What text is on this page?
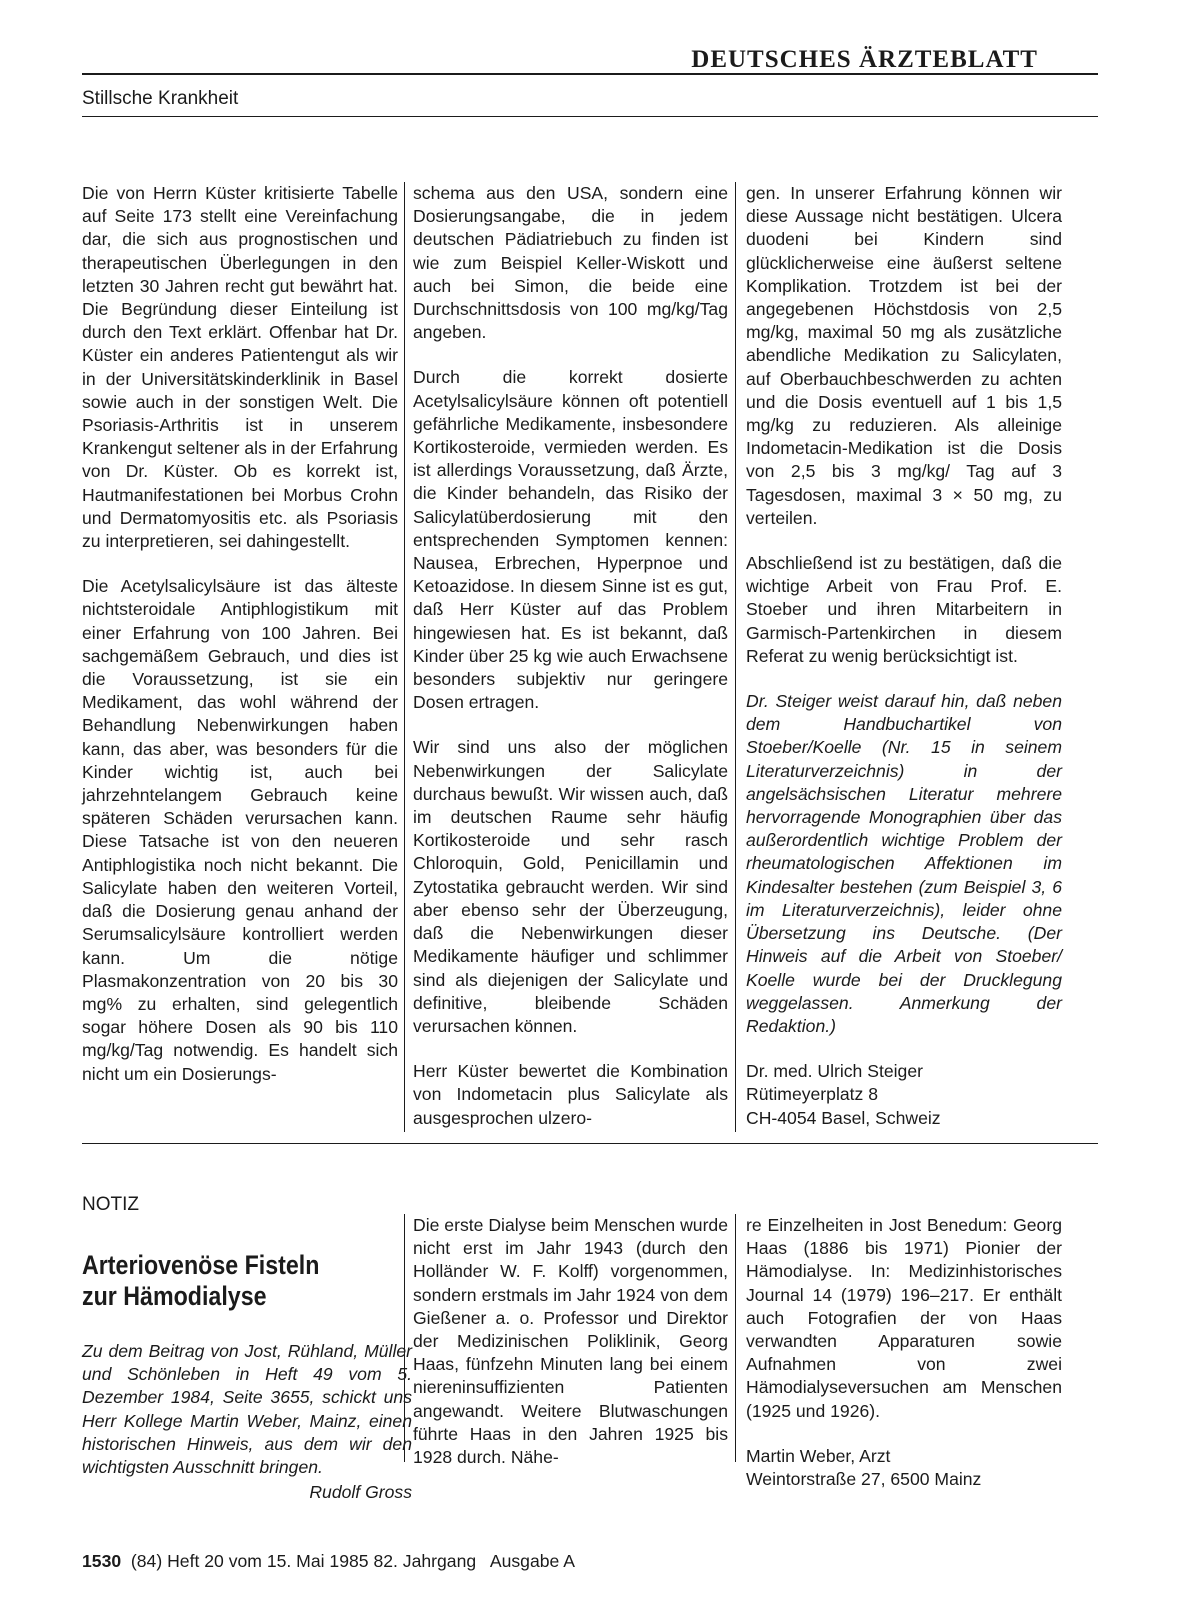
DEUTSCHES ÄRZTEBLATT
Stillsche Krankheit

Die von Herrn Küster kritisierte Tabelle auf Seite 173 stellt eine Vereinfachung dar, die sich aus prognostischen und therapeutischen Überlegungen in den letzten 30 Jahren recht gut bewährt hat. Die Begründung dieser Einteilung ist durch den Text erklärt. Offenbar hat Dr. Küster ein anderes Patientengut als wir in der Universitätskinderklinik in Basel sowie auch in der sonstigen Welt. Die Psoriasis-Arthritis ist in unserem Krankengut seltener als in der Erfahrung von Dr. Küster. Ob es korrekt ist, Hautmanifestationen bei Morbus Crohn und Dermatomyositis etc. als Psoriasis zu interpretieren, sei dahingestellt.

Die Acetylsalicylsäure ist das älteste nichtsteroidale Antiphlogistikum mit einer Erfahrung von 100 Jahren. Bei sachgemäßem Gebrauch, und dies ist die Voraussetzung, ist sie ein Medikament, das wohl während der Behandlung Nebenwirkungen haben kann, das aber, was besonders für die Kinder wichtig ist, auch bei jahrzehntelangem Gebrauch keine späteren Schäden verursachen kann. Diese Tatsache ist von den neueren Antiphlogistika noch nicht bekannt. Die Salicylate haben den weiteren Vorteil, daß die Dosierung genau anhand der Serumsalicylsäure kontrolliert werden kann. Um die nötige Plasmakonzentration von 20 bis 30 mg% zu erhalten, sind gelegentlich sogar höhere Dosen als 90 bis 110 mg/kg/Tag notwendig. Es handelt sich nicht um ein Dosierungs-

schema aus den USA, sondern eine Dosierungsangabe, die in jedem deutschen Pädiatriebuch zu finden ist wie zum Beispiel Keller-Wiskott und auch bei Simon, die beide eine Durchschnittsdosis von 100 mg/kg/Tag angeben.

Durch die korrekt dosierte Acetylsalicylsäure können oft potentiell gefährliche Medikamente, insbesondere Kortikosteroide, vermieden werden. Es ist allerdings Voraussetzung, daß Ärzte, die Kinder behandeln, das Risiko der Salicylatüberdosierung mit den entsprechenden Symptomen kennen: Nausea, Erbrechen, Hyperpnoe und Ketoazidose. In diesem Sinne ist es gut, daß Herr Küster auf das Problem hingewiesen hat. Es ist bekannt, daß Kinder über 25 kg wie auch Erwachsene besonders subjektiv nur geringere Dosen ertragen.

Wir sind uns also der möglichen Nebenwirkungen der Salicylate durchaus bewußt. Wir wissen auch, daß im deutschen Raume sehr häufig Kortikosteroide und sehr rasch Chloroquin, Gold, Penicillamin und Zytostatika gebraucht werden. Wir sind aber ebenso sehr der Überzeugung, daß die Nebenwirkungen dieser Medikamente häufiger und schlimmer sind als diejenigen der Salicylate und definitive, bleibende Schäden verursachen können.

Herr Küster bewertet die Kombination von Indometacin plus Salicylate als ausgesprochen ulzero-

gen. In unserer Erfahrung können wir diese Aussage nicht bestätigen. Ulcera duodeni bei Kindern sind glücklicherweise eine äußerst seltene Komplikation. Trotzdem ist bei der angegebenen Höchstdosis von 2,5 mg/kg, maximal 50 mg als zusätzliche abendliche Medikation zu Salicylaten, auf Oberbauchbeschwerden zu achten und die Dosis eventuell auf 1 bis 1,5 mg/kg zu reduzieren. Als alleinige Indometacin-Medikation ist die Dosis von 2,5 bis 3 mg/kg/ Tag auf 3 Tagesdosen, maximal 3 × 50 mg, zu verteilen.

Abschließend ist zu bestätigen, daß die wichtige Arbeit von Frau Prof. E. Stoeber und ihren Mitarbeitern in Garmisch-Partenkirchen in diesem Referat zu wenig berücksichtigt ist.

Dr. Steiger weist darauf hin, daß neben dem Handbuchartikel von Stoeber/Koelle (Nr. 15 in seinem Literaturverzeichnis) in der angelsächsischen Literatur mehrere hervorragende Monographien über das außerordentlich wichtige Problem der rheumatologischen Affektionen im Kindesalter bestehen (zum Beispiel 3, 6 im Literaturverzeichnis), leider ohne Übersetzung ins Deutsche. (Der Hinweis auf die Arbeit von Stoeber/ Koelle wurde bei der Drucklegung weggelassen. Anmerkung der Redaktion.)

Dr. med. Ulrich Steiger
Rütimeyerplatz 8
CH-4054 Basel, Schweiz
NOTIZ
Arteriovenöse Fisteln
zur Hämodialyse
Zu dem Beitrag von Jost, Rühland, Müller und Schönleben in Heft 49 vom 5. Dezember 1984, Seite 3655, schickt uns Herr Kollege Martin Weber, Mainz, einen historischen Hinweis, aus dem wir den wichtigsten Ausschnitt bringen.
Rudolf Gross

Die erste Dialyse beim Menschen wurde nicht erst im Jahr 1943 (durch den Holländer W. F. Kolff) vorgenommen, sondern erstmals im Jahr 1924 von dem Gießener a. o. Professor und Direktor der Medizinischen Poliklinik, Georg Haas, fünfzehn Minuten lang bei einem niereninsuffizienten Patienten angewandt. Weitere Blutwaschungen führte Haas in den Jahren 1925 bis 1928 durch. Nähe-

re Einzelheiten in Jost Benedum: Georg Haas (1886 bis 1971) Pionier der Hämodialyse. In: Medizinhistorisches Journal 14 (1979) 196–217. Er enthält auch Fotografien der von Haas verwandten Apparaturen sowie Aufnahmen von zwei Hämodialyseversuchen am Menschen (1925 und 1926).

Martin Weber, Arzt
Weintorstraße 27, 6500 Mainz
1530  (84) Heft 20 vom 15. Mai 1985 82. Jahrgang   Ausgabe A
